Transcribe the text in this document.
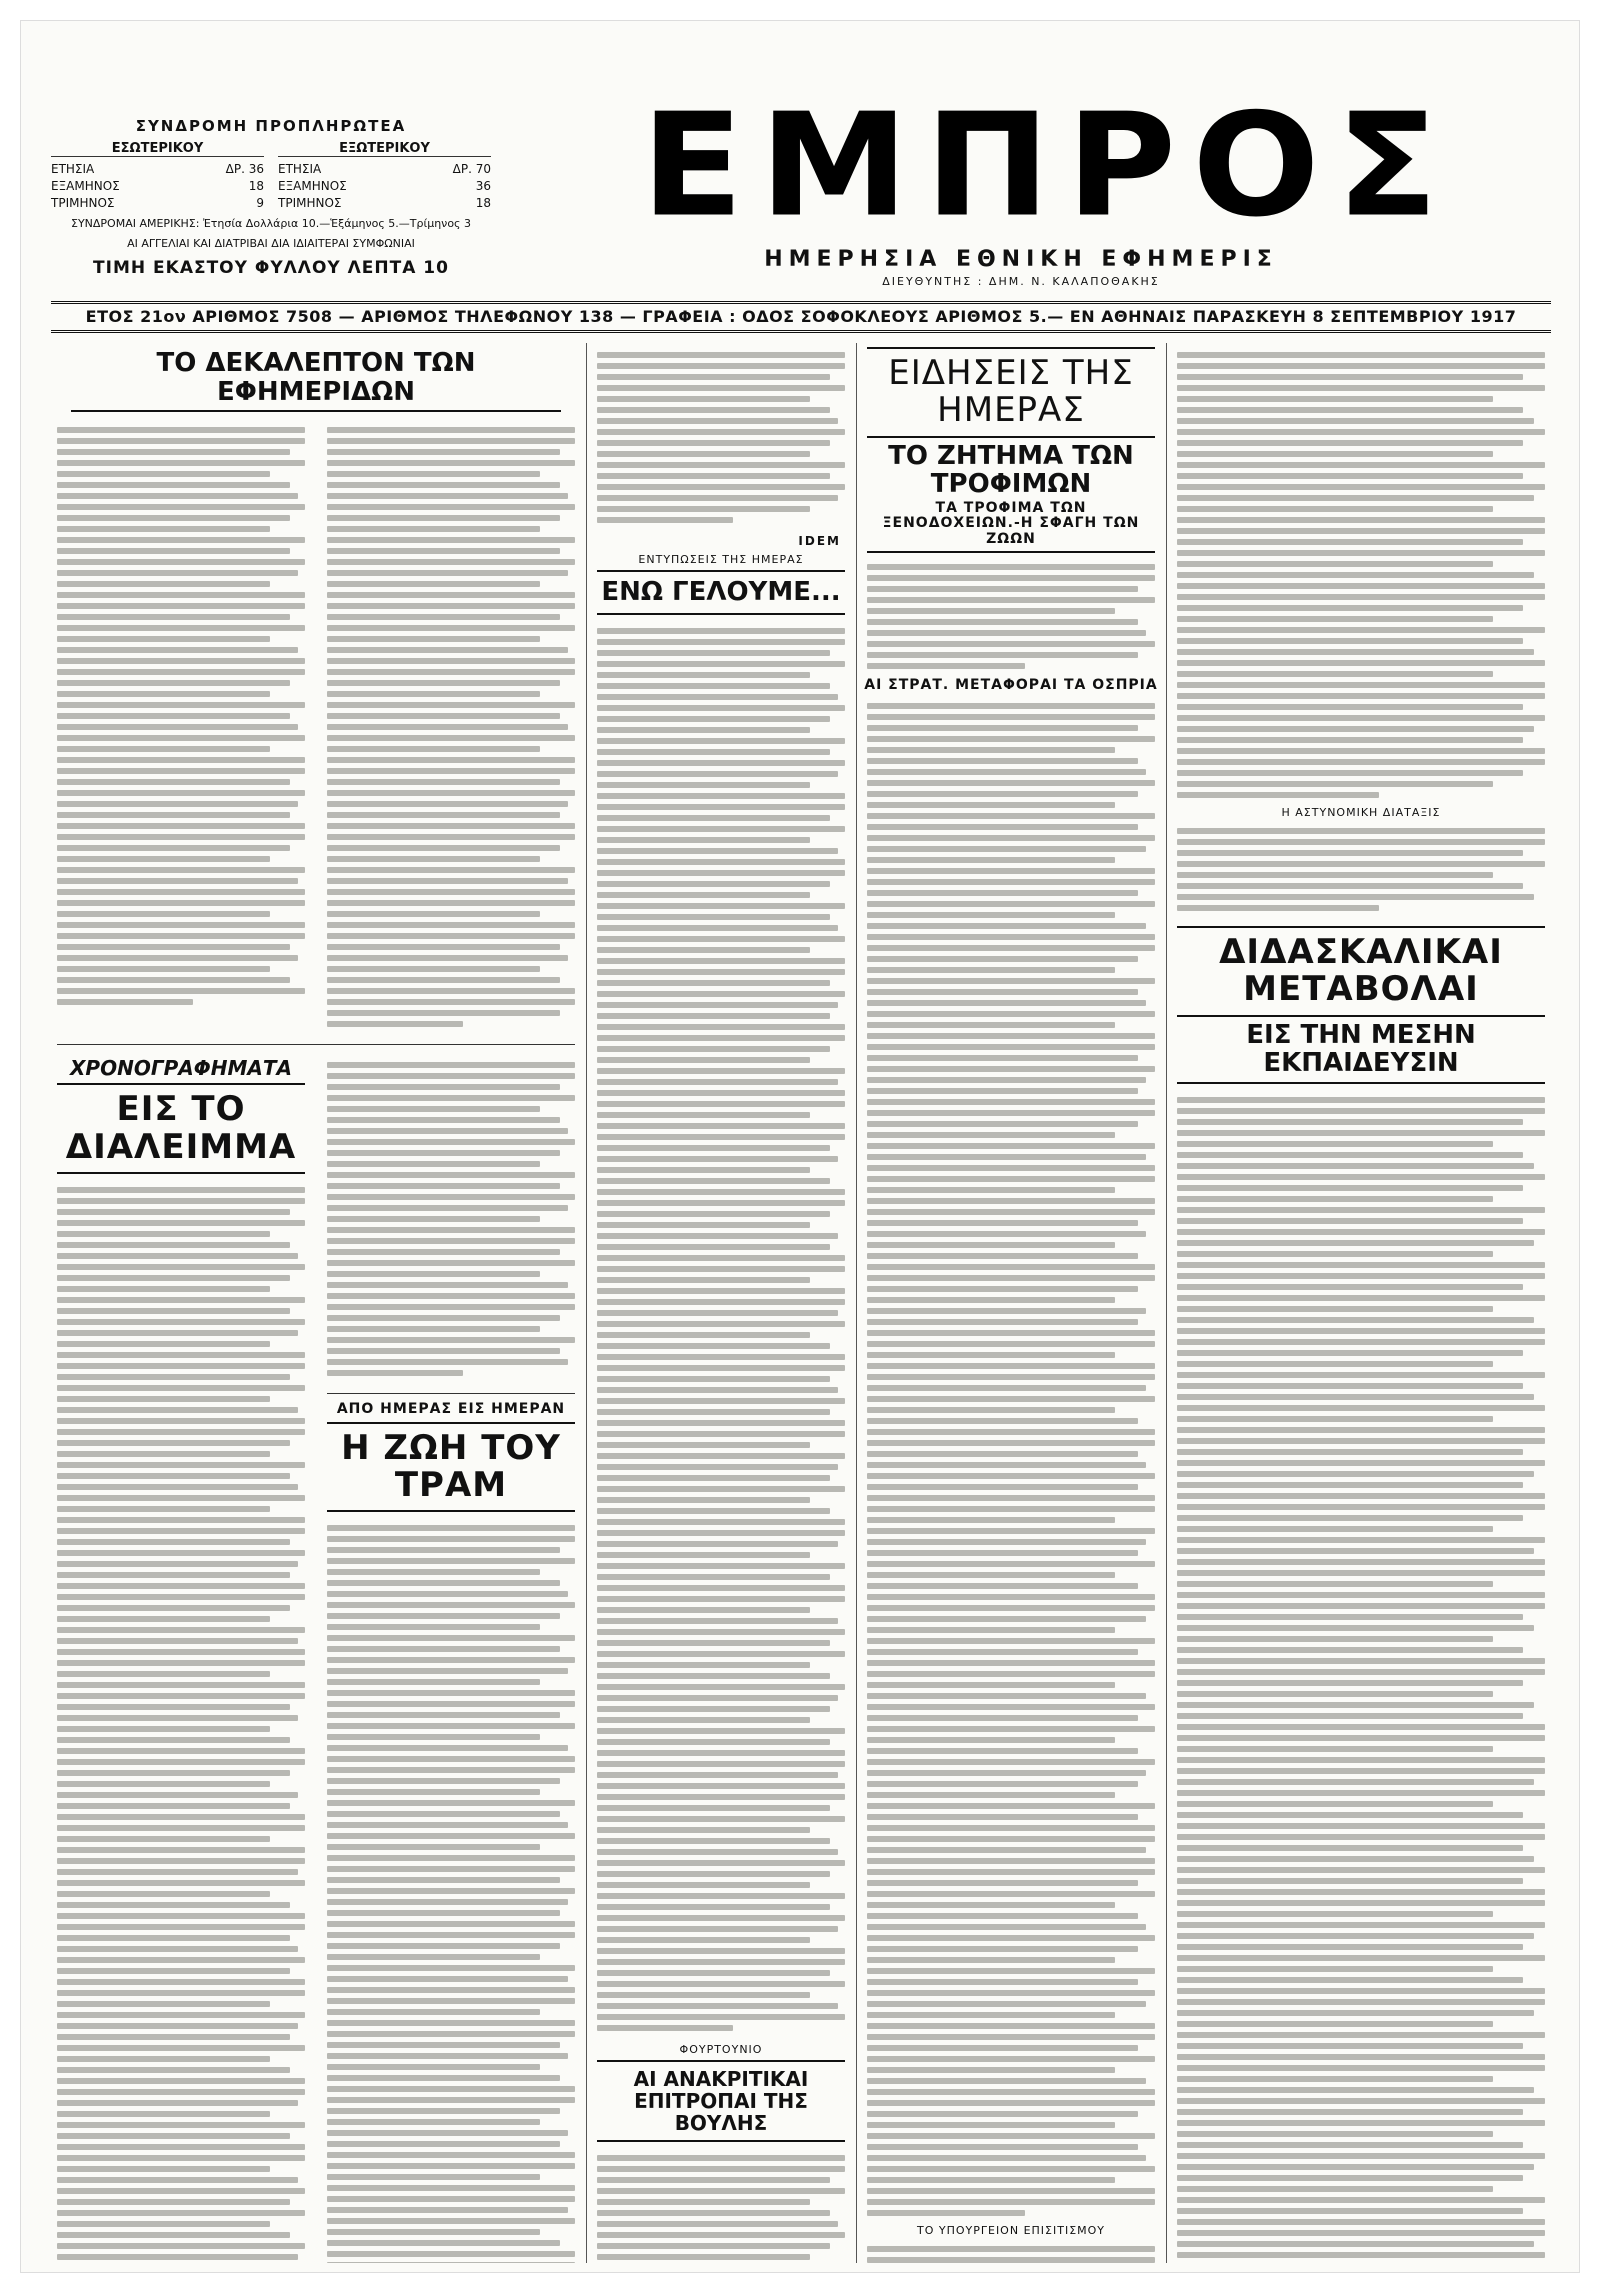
ΣΥΝΔΡΟΜΗ ΠΡΟΠΛΗΡΩΤΕΑ
ΕΣΩΤΕΡΙΚΟΥ
ΕΤΗΣΙΑ	ΔΡ. 36
ΕΞΑΜΗΝΟΣ	18
ΤΡΙΜΗΝΟΣ	9
ΕΞΩΤΕΡΙΚΟΥ
ΕΤΗΣΙΑ	ΔΡ. 70
ΕΞΑΜΗΝΟΣ	36
ΤΡΙΜΗΝΟΣ	18
ΣΥΝΔΡΟΜΑΙ ΑΜΕΡΙΚΗΣ: Ἐτησία Δολλάρια 10.—Ἑξάμηνος 5.—Τρίμηνος 3
ΑΙ ΑΓΓΕΛΙΑΙ ΚΑΙ ΔΙΑΤΡΙΒΑΙ ΔΙΑ ΙΔΙΑΙΤΕΡΑΙ ΣΥΜΦΩΝΙΑΙ
ΤΙΜΗ ΕΚΑΣΤΟΥ ΦΥΛΛΟΥ ΛΕΠΤΑ 10
ΕΜΠΡΟΣ
ΗΜΕΡΗΣΙΑ ΕΘΝΙΚΗ ΕΦΗΜΕΡΙΣ
ΔΙΕΥΘΥΝΤΗΣ : ΔΗΜ. Ν. ΚΑΛΑΠΟΘΑΚΗΣ
ΕΤΟΣ 21ον ΑΡΙΘΜΟΣ 7508 — ΑΡΙΘΜΟΣ ΤΗΛΕΦΩΝΟΥ 138 — ΓΡΑΦΕΙΑ : ΟΔΟΣ ΣΟΦΟΚΛΕΟΥΣ ΑΡΙΘΜΟΣ 5.— ΕΝ ΑΘΗΝΑΙΣ ΠΑΡΑΣΚΕΥΗ 8 ΣΕΠΤΕΜΒΡΙΟΥ 1917
ΤΟ ΔΕΚΑΛΕΠΤΟΝ ΤΩΝ ΕΦΗΜΕΡΙΔΩΝ
ΧΡΟΝΟΓΡΑΦΗΜΑΤΑ
ΕΙΣ ΤΟ ΔΙΑΛΕΙΜΜΑ
ΑΠΟ ΗΜΕΡΑΣ ΕΙΣ ΗΜΕΡΑΝ
Η ΖΩΗ ΤΟΥ ΤΡΑΜ
IDEM
ΕΝΤΥΠΩΣΕΙΣ ΤΗΣ ΗΜΕΡΑΣ
ΕΝΩ ΓΕΛΟΥΜΕ...
ΦΟΥΡΤΟΥΝΙΟ
ΑΙ ΑΝΑΚΡΙΤΙΚΑΙ ΕΠΙΤΡΟΠΑΙ ΤΗΣ ΒΟΥΛΗΣ
ΕΙΔΗΣΕΙΣ ΤΗΣ ΗΜΕΡΑΣ
ΤΟ ΖΗΤΗΜΑ ΤΩΝ ΤΡΟΦΙΜΩΝ
ΤΑ ΤΡΟΦΙΜΑ ΤΩΝ ΞΕΝΟΔΟΧΕΙΩΝ.-Η ΣΦΑΓΗ ΤΩΝ ΖΩΩΝ
ΑΙ ΣΤΡΑΤ. ΜΕΤΑΦΟΡΑΙ ΤΑ ΟΣΠΡΙΑ
ΤΟ ΥΠΟΥΡΓΕΙΟΝ ΕΠΙΣΙΤΙΣΜΟΥ
Η ΑΣΤΥΝΟΜΙΚΗ ΔΙΑΤΑΞΙΣ
ΔΙΔΑΣΚΑΛΙΚΑΙ ΜΕΤΑΒΟΛΑΙ
ΕΙΣ ΤΗΝ ΜΕΣΗΝ ΕΚΠΑΙΔΕΥΣΙΝ
